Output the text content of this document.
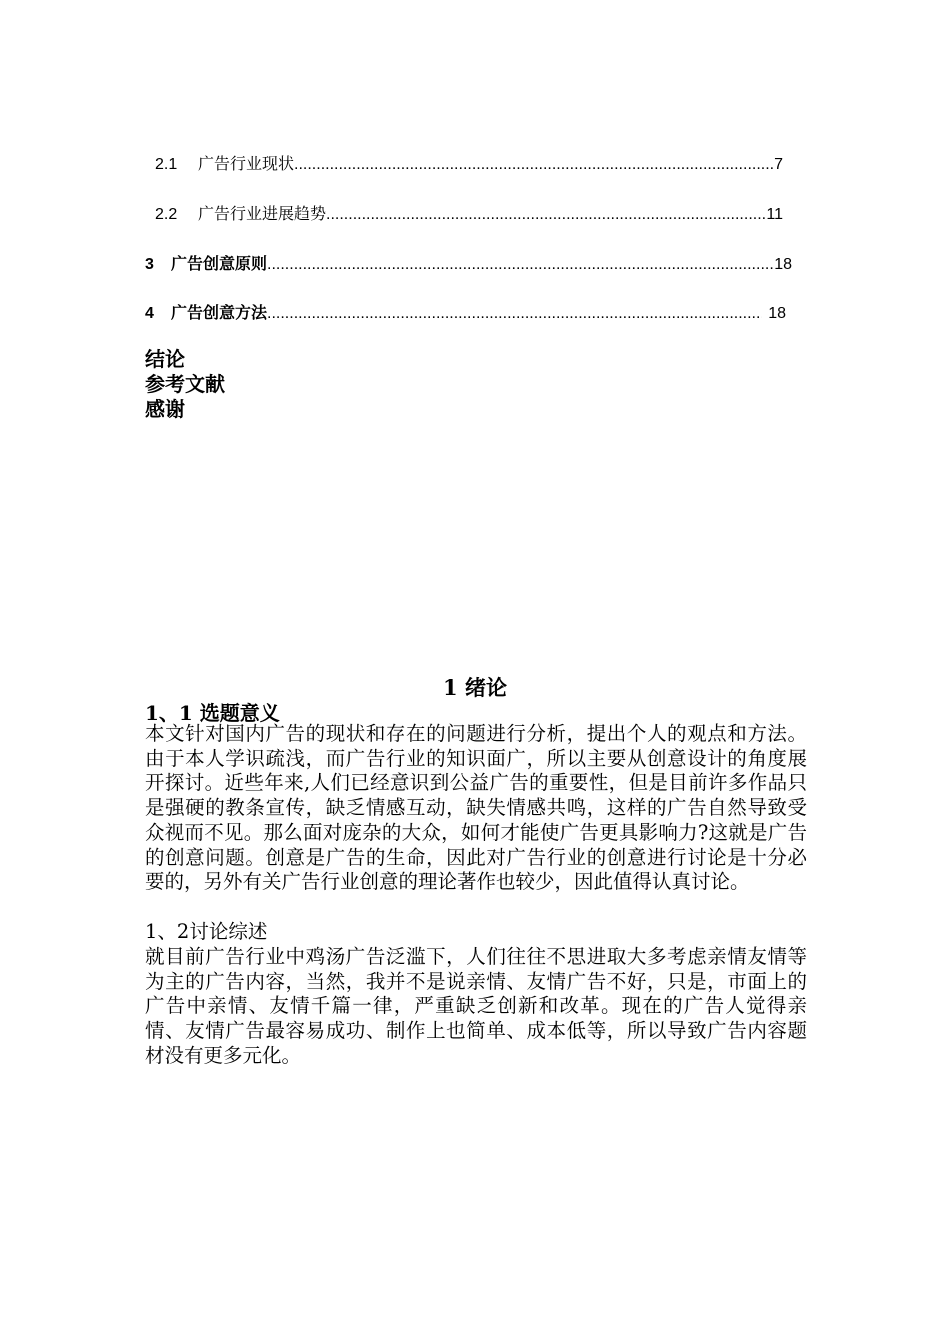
2.1	广告行业现状 .....	7
2.2	广告行业进展趋势 .....	11
3	广告创意原则 .....	18
4	广告创意方法 .....	18
结论
参考文献
感谢
1 绪论
1、1 选题意义

本文针对国内广告的现状和存在的问题进行分析，提出个人的观点和方法。由于本人学识疏浅，而广告行业的知识面广，所以主要从创意设计的角度展开探讨。近些年来,人们已经意识到公益广告的重要性，但是目前许多作品只是强硬的教条宣传，缺乏情感互动，缺失情感共鸣，这样的广告自然导致受众视而不见。那么面对庞杂的大众，如何才能使广告更具影响力?这就是广告的创意问题。创意是广告的生命，因此对广告行业的创意进行讨论是十分必要的，另外有关广告行业创意的理论著作也较少，因此值得认真讨论。

1、2讨论综述

就目前广告行业中鸡汤广告泛滥下，人们往往不思进取大多考虑亲情友情等为主的广告内容，当然，我并不是说亲情、友情广告不好，只是，市面上的广告中亲情、友情千篇一律，严重缺乏创新和改革。现在的广告人觉得亲情、友情广告最容易成功、制作上也简单、成本低等，所以导致广告内容题材没有更多元化。
